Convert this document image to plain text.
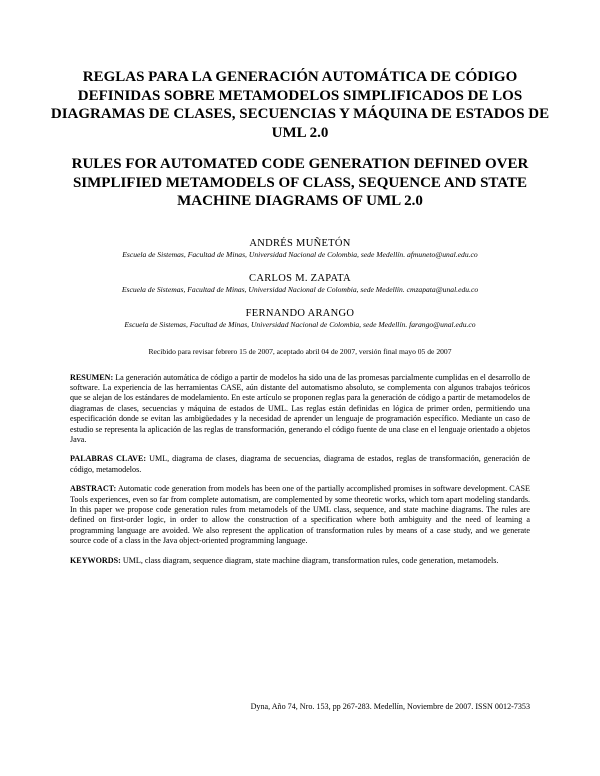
REGLAS PARA LA GENERACIÓN AUTOMÁTICA DE CÓDIGO DEFINIDAS SOBRE METAMODELOS SIMPLIFICADOS DE LOS DIAGRAMAS DE CLASES, SECUENCIAS Y MÁQUINA DE ESTADOS DE UML 2.0
RULES FOR AUTOMATED CODE GENERATION DEFINED OVER SIMPLIFIED METAMODELS OF CLASS, SEQUENCE AND STATE MACHINE DIAGRAMS OF UML 2.0
ANDRÉS MUÑETÓN
Escuela de Sistemas, Facultad de Minas, Universidad Nacional de Colombia, sede Medellín. afmuneto@unal.edu.co
CARLOS M. ZAPATA
Escuela de Sistemas, Facultad de Minas, Universidad Nacional de Colombia, sede Medellín. cmzapata@unal.edu.co
FERNANDO ARANGO
Escuela de Sistemas, Facultad de Minas, Universidad Nacional de Colombia, sede Medellín. farango@unal.edu.co
Recibido para revisar febrero 15 de 2007, aceptado abril 04 de 2007, versión final mayo 05 de 2007

RESUMEN: La generación automática de código a partir de modelos ha sido una de las promesas parcialmente cumplidas en el desarrollo de software. La experiencia de las herramientas CASE, aún distante del automatismo absoluto, se complementa con algunos trabajos teóricos que se alejan de los estándares de modelamiento. En este artículo se proponen reglas para la generación de código a partir de metamodelos de diagramas de clases, secuencias y máquina de estados de UML. Las reglas están definidas en lógica de primer orden, permitiendo una especificación donde se evitan las ambigüedades y la necesidad de aprender un lenguaje de programación específico. Mediante un caso de estudio se representa la aplicación de las reglas de transformación, generando el código fuente de una clase en el lenguaje orientado a objetos Java.

PALABRAS CLAVE: UML, diagrama de clases, diagrama de secuencias, diagrama de estados, reglas de transformación, generación de código, metamodelos.

ABSTRACT: Automatic code generation from models has been one of the partially accomplished promises in software development. CASE Tools experiences, even so far from complete automatism, are complemented by some theoretic works, which torn apart modeling standards. In this paper we propose code generation rules from metamodels of the UML class, sequence, and state machine diagrams. The rules are defined on first-order logic, in order to allow the construction of a specification where both ambiguity and the need of learning a programming language are avoided. We also represent the application of transformation rules by means of a case study, and we generate source code of a class in the Java object-oriented programming language.

KEYWORDS: UML, class diagram, sequence diagram, state machine diagram, transformation rules, code generation, metamodels.

Dyna, Año 74, Nro. 153, pp 267-283. Medellín, Noviembre de 2007. ISSN 0012-7353
